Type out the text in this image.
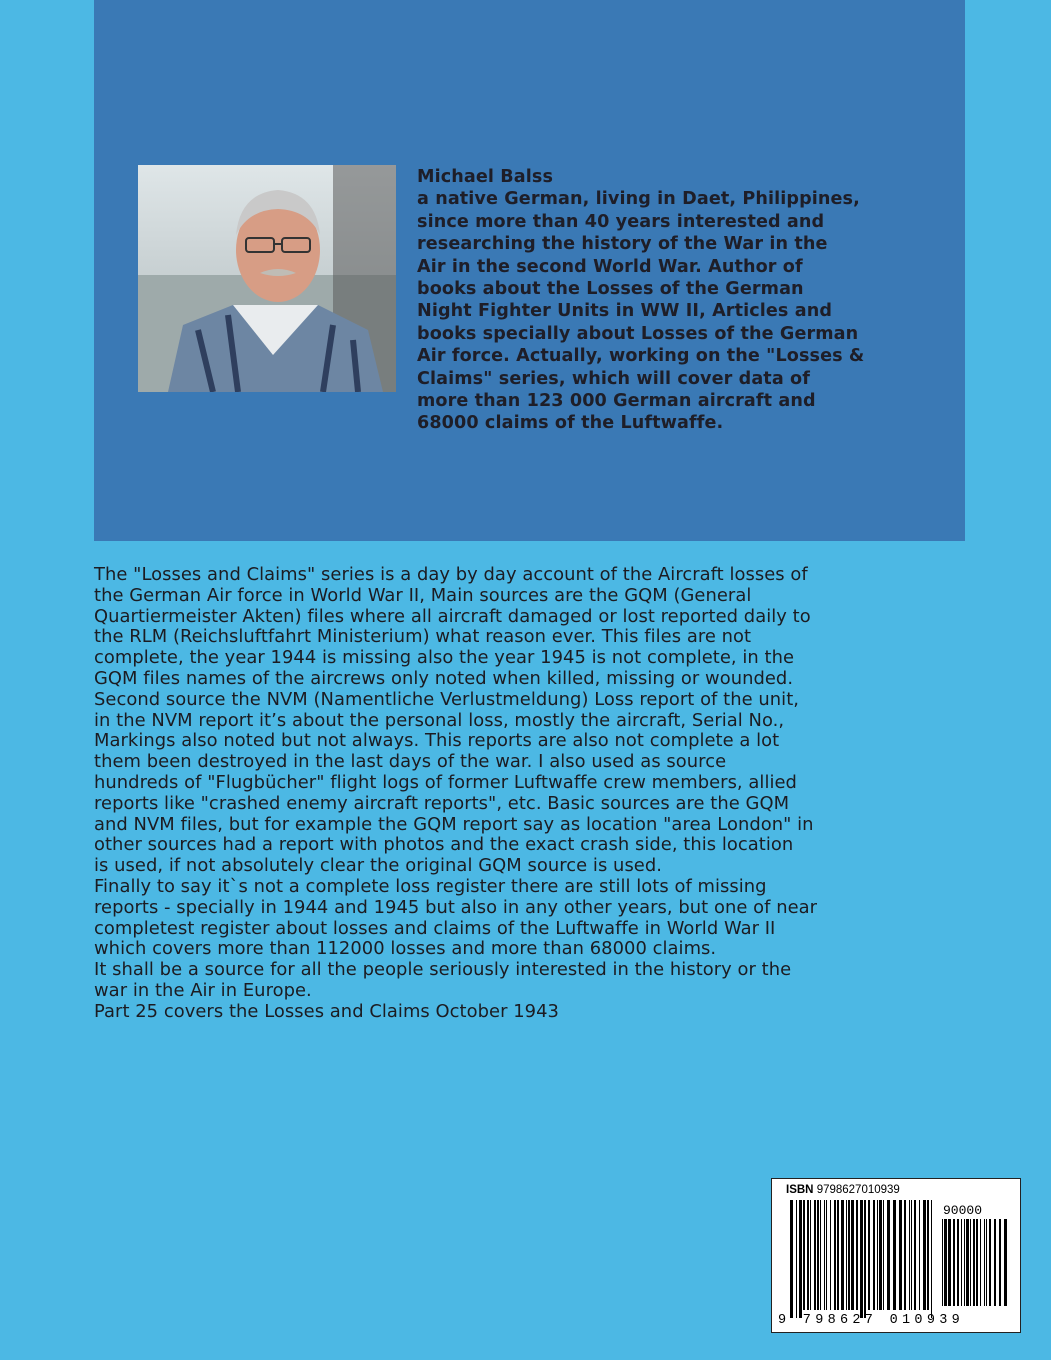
Michael Balss
a native German, living in Daet, Philippines,
since more than 40 years interested and
researching the history of the War in the
Air in the second World War. Author of
books about the Losses of the German
Night Fighter Units in WW II, Articles and
books specially about Losses of the German
Air force. Actually, working on the "Losses &
Claims" series, which will cover data of
more than 123 000 German aircraft and
68000 claims of the Luftwaffe.
The "Losses and Claims" series is a day by day account of the Aircraft losses of
the German Air force in World War II, Main sources are the GQM (General
Quartiermeister Akten) files where all aircraft damaged or lost reported daily to
the RLM (Reichsluftfahrt Ministerium) what reason ever. This files are not
complete, the year 1944 is missing also the year 1945 is not complete, in the
GQM files names of the aircrews only noted when killed, missing or wounded.
Second source the NVM (Namentliche Verlustmeldung) Loss report of the unit,
in the NVM report it’s about the personal loss, mostly the aircraft, Serial No.,
Markings also noted but not always. This reports are also not complete a lot
them been destroyed in the last days of the war. I also used as source
hundreds of "Flugbücher" flight logs of former Luftwaffe crew members, allied
reports like "crashed enemy aircraft reports", etc. Basic sources are the GQM
and NVM files, but for example the GQM report say as location "area London" in
other sources had a report with photos and the exact crash side, this location
is used, if not absolutely clear the original GQM source is used.
Finally to say it`s not a complete loss register there are still lots of missing
reports - specially in 1944 and 1945 but also in any other years, but one of near
completest register about losses and claims of the Luftwaffe in World War II
which covers more than 112000 losses and more than 68000 claims.
It shall be a source for all the people seriously interested in the history or the
war in the Air in Europe.
Part 25 covers the Losses and Claims October 1943
ISBN 9798627010939
90000
9 798627 010939
